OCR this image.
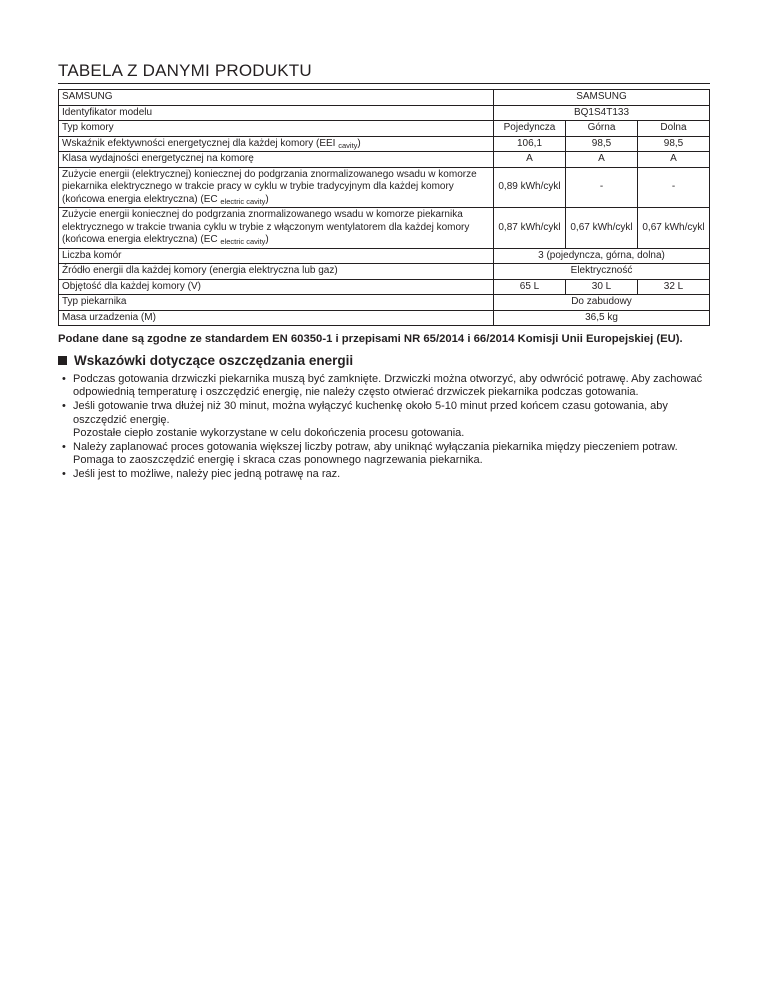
TABELA Z DANYMI PRODUKTU
SAMSUNG	SAMSUNG		
Identyfikator modelu	BQ1S4T133		
Typ komory	Pojedyncza	Górna	Dolna
Wskaźnik efektywności energetycznej dla każdej komory (EEI $_{cavity}$)	106,1	98,5	98,5
Klasa wydajności energetycznej na komorę	A	A	A
Zużycie energii (elektrycznej) koniecznej do podgrzania znormalizowanego wsadu w komorze piekarnika elektrycznego w trakcie pracy w cyklu w trybie tradycyjnym dla każdej komory (końcowa energia elektryczna) (EC $_{electric cavity}$)	0,89 kWh/cykl	-	-
Zużycie energii koniecznej do podgrzania znormalizowanego wsadu w komorze piekarnika elektrycznego w trakcie trwania cyklu w trybie z włączonym wentylatorem dla każdej komory (końcowa energia elektryczna) (EC $_{electric cavity}$)	0,87 kWh/cykl	0,67 kWh/cykl	0,67 kWh/cykl
Liczba komór	3 (pojedyncza, górna, dolna)		
Źródło energii dla każdej komory (energia elektryczna lub gaz)	Elektryczność		
Objętość dla każdej komory (V)	65 L	30 L	32 L
Typ piekarnika	Do zabudowy		
Masa urzadzenia (M)	36,5 kg		

Podane dane są zgodne ze standardem EN 60350-1 i przepisami NR 65/2014 i 66/2014 Komisji Unii Europejskiej (EU).

Wskazówki dotyczące oszczędzania energii
• Podczas gotowania drzwiczki piekarnika muszą być zamknięte. Drzwiczki można otworzyć, aby odwrócić potrawę. Aby zachować odpowiednią temperaturę i oszczędzić energię, nie należy często otwierać drzwiczek piekarnika podczas gotowania.
• Jeśli gotowanie trwa dłużej niż 30 minut, można wyłączyć kuchenkę około 5-10 minut przed końcem czasu gotowania, aby oszczędzić energię.
Pozostałe ciepło zostanie wykorzystane w celu dokończenia procesu gotowania.
• Należy zaplanować proces gotowania większej liczby potraw, aby uniknąć wyłączania piekarnika między pieczeniem potraw. Pomaga to zaoszczędzić energię i skraca czas ponownego nagrzewania piekarnika.
• Jeśli jest to możliwe, należy piec jedną potrawę na raz.
